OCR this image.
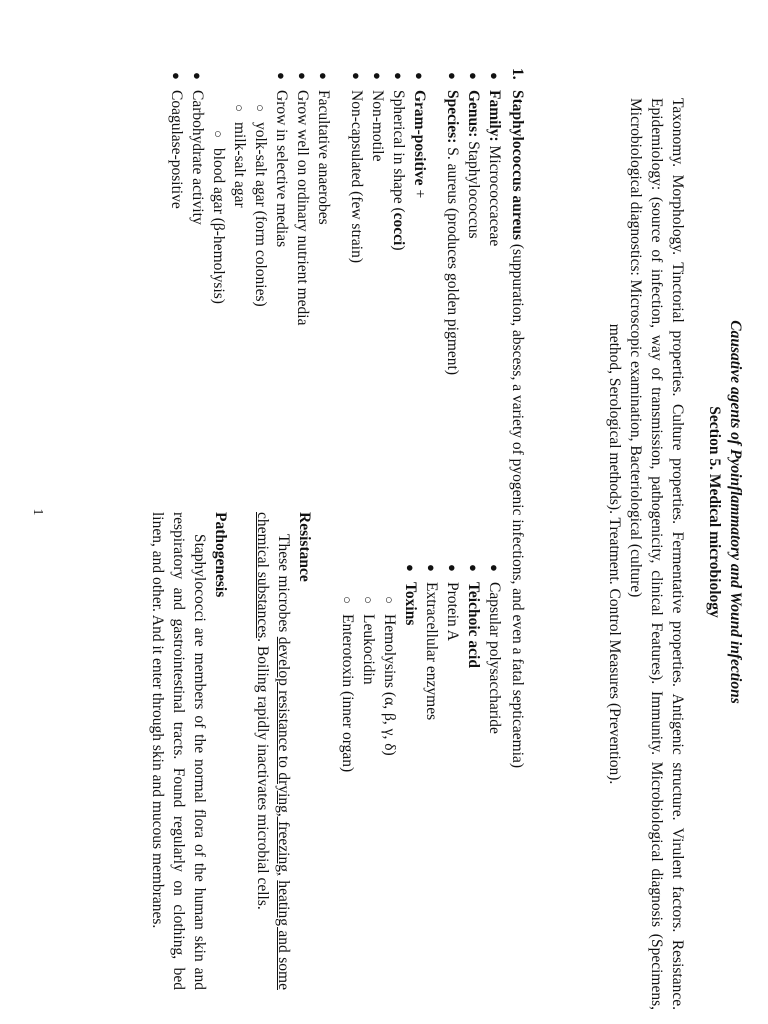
Causative agents of Pyoinflammatory and Wound infections
Section 5. Medical microbiology

Taxonomy. Morphology. Tinctorial properties. Culture properties. Fermentative properties. Antigenic structure. Virulent factors. Resistance. Epidemiology: (source of infection, way of transmission, pathogenicity, clinical Features). Immunity. Microbiological diagnosis (Specimens, Microbiological diagnostics: Microscopic examination, Bacteriological (culture)

method, Serological methods). Treatment. Control Measures (Prevention).

1.Staphylococcus aureus (suppuration, abscess, a variety of pyogenic infections, and even a fatal septicaemia)
●
Family: Micrococcaceae
●
Genus: Staphylococcus
●
Species: S. aureus (produces golden pigment)
●
Gram-positive +
●
Spherical in shape (cocci)
●
Non-motile
●
Non-capsulated (few strain)
●
Facultative anaerobes
●
Grow well on ordinary nutrient media
●
Grow in selective medias
○
yolk-salt agar (form colonies)
○
milk-salt agar
○
blood agar (β-hemolysis)
●
Carbohydrate activity
●
Coagulase-positive
●
Capsular polysaccharide
●
Teichoic acid
●
Protein A
●
Extracellular enzymes
●
Toxins
○
Hemolysins (α, β, γ, δ)
○
Leukocidin
○
Enterotoxin (inner organ)
Resistance

These microbes develop resistance to drying, freezing, heating and some chemical substances. Boiling rapidly inactivates microbial cells.

Pathogenesis

Staphylococci are members of the normal flora of the human skin and respiratory and gastrointestinal tracts. Found regularly on clothing, bed linen, and other. And it enter through skin and mucous membranes.

1
